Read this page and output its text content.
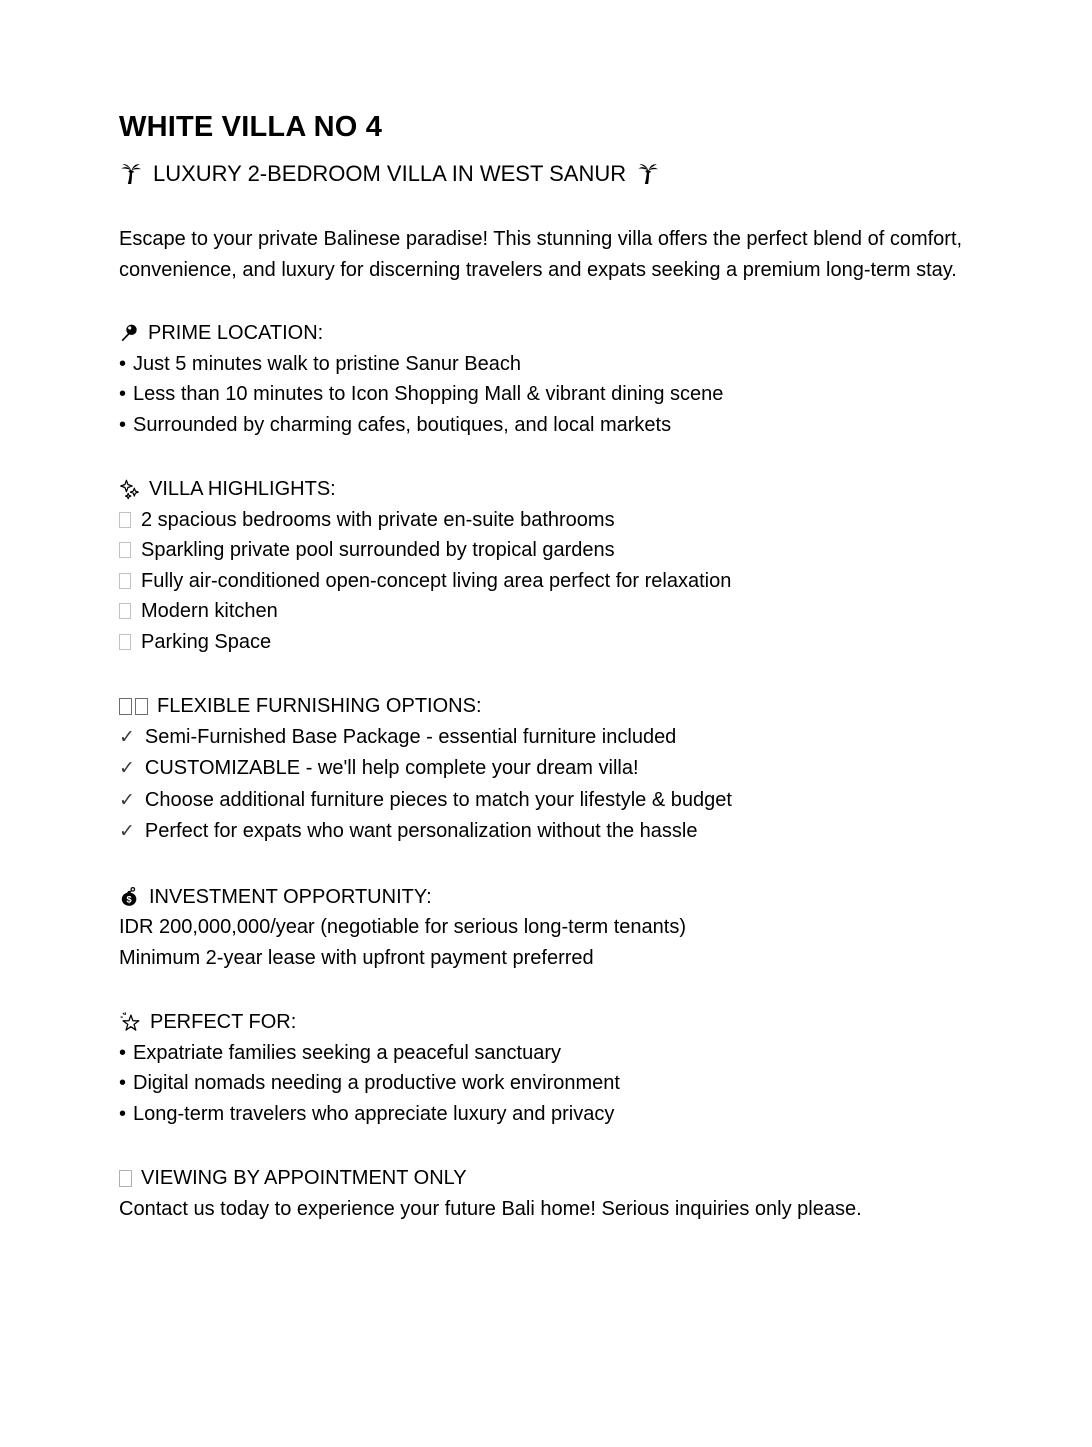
WHITE VILLA NO 4
LUXURY 2-BEDROOM VILLA IN WEST SANUR

Escape to your private Balinese paradise! This stunning villa offers the perfect blend of comfort, convenience, and luxury for discerning travelers and expats seeking a premium long-term stay.

PRIME LOCATION:
• Just 5 minutes walk to pristine Sanur Beach
• Less than 10 minutes to Icon Shopping Mall & vibrant dining scene
• Surrounded by charming cafes, boutiques, and local markets
VILLA HIGHLIGHTS:
2 spacious bedrooms with private en-suite bathrooms
Sparkling private pool surrounded by tropical gardens
Fully air-conditioned open-concept living area perfect for relaxation
Modern kitchen
Parking Space
FLEXIBLE FURNISHING OPTIONS:
✓ Semi-Furnished Base Package - essential furniture included
✓ CUSTOMIZABLE - we'll help complete your dream villa!
✓ Choose additional furniture pieces to match your lifestyle & budget
✓ Perfect for expats who want personalization without the hassle
$ INVESTMENT OPPORTUNITY:
IDR 200,000,000/year (negotiable for serious long-term tenants)
Minimum 2-year lease with upfront payment preferred
PERFECT FOR:
• Expatriate families seeking a peaceful sanctuary
• Digital nomads needing a productive work environment
• Long-term travelers who appreciate luxury and privacy
VIEWING BY APPOINTMENT ONLY
Contact us today to experience your future Bali home! Serious inquiries only please.
